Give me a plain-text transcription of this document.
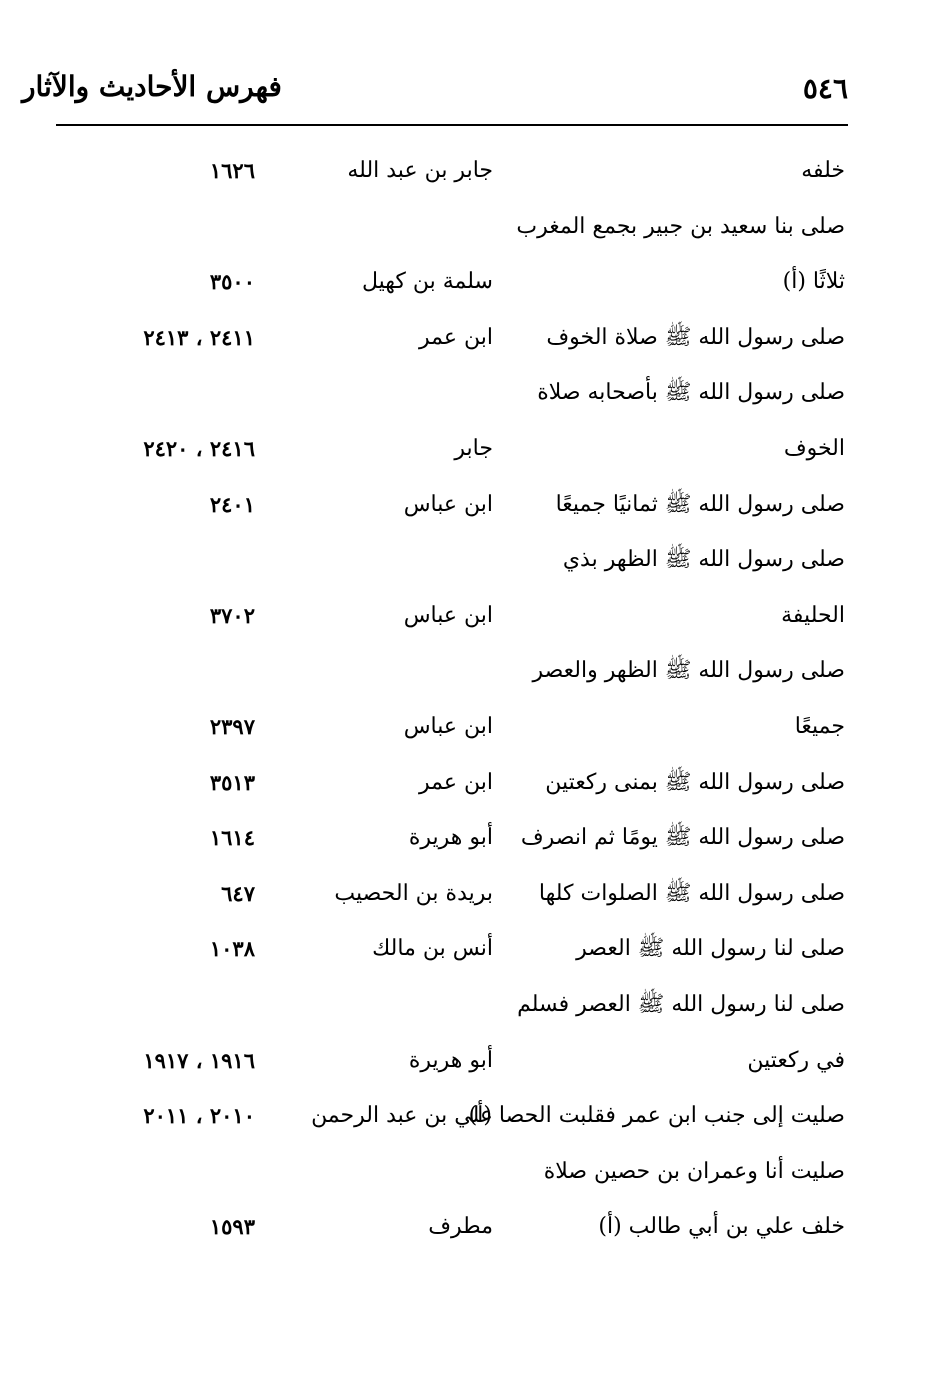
٥٤٦
فهرس الأحاديث والآثار
خلفه
جابر بن عبد الله
١٦٢٦
صلى بنا سعيد بن جبير بجمع المغرب
ثلاثًا (أ)
سلمة بن كهيل
٣٥٠٠
صلى رسول الله ﷺ صلاة الخوف
ابن عمر
٢٤١١ ، ٢٤١٣
صلى رسول الله ﷺ بأصحابه صلاة
الخوف
جابر
٢٤١٦ ، ٢٤٢٠
صلى رسول الله ﷺ ثمانيًا جميعًا
ابن عباس
٢٤٠١
صلى رسول الله ﷺ الظهر بذي
الحليفة
ابن عباس
٣٧٠٢
صلى رسول الله ﷺ الظهر والعصر
جميعًا
ابن عباس
٢٣٩٧
صلى رسول الله ﷺ بمنى ركعتين
ابن عمر
٣٥١٣
صلى رسول الله ﷺ يومًا ثم انصرف
أبو هريرة
١٦١٤
صلى رسول الله ﷺ الصلوات كلها
بريدة بن الحصيب
٦٤٧
صلى لنا رسول الله ﷺ العصر
أنس بن مالك
١٠٣٨
صلى لنا رسول الله ﷺ العصر فسلم
في ركعتين
أبو هريرة
١٩١٦ ، ١٩١٧
صليت إلى جنب ابن عمر فقلبت الحصا (أ)
علي بن عبد الرحمن
٢٠١٠ ، ٢٠١١
صليت أنا وعمران بن حصين صلاة
خلف علي بن أبي طالب (أ)
مطرف
١٥٩٣
